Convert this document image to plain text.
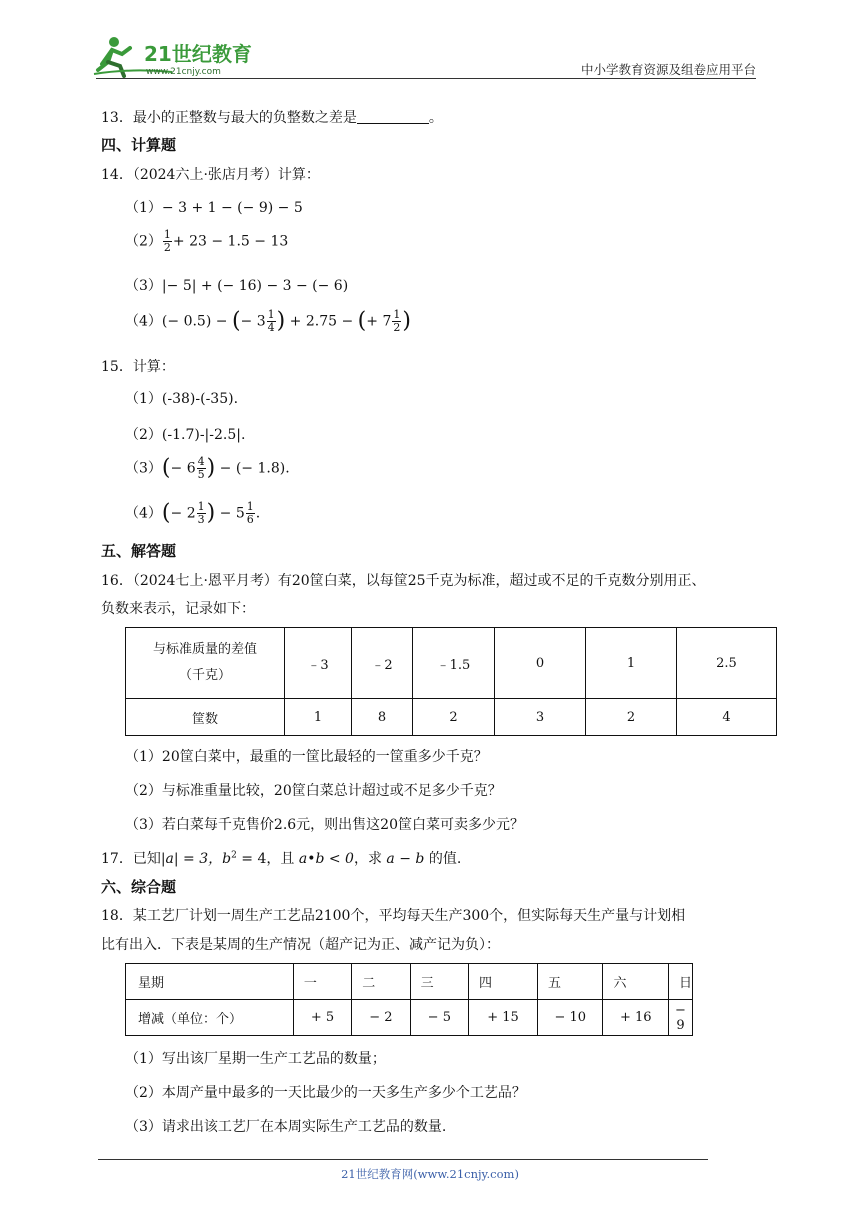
21世纪教育
www.21cnjy.com	中小学教育资源及组卷应用平台
13．最小的正整数与最大的负整数之差是	。
四、计算题
14．（2024六上·张店月考）计算：
（1）− 3 + 1 − (− 9) − 5
$(2) \frac{1}{2} + 23 - 1.5 - 13$
（3）|− 5| + (− 16) − 3 − (− 6)
（4）(− 0.5) − (− $3 \frac{1}{4}$ ) + 2.75 − (+ $7 \frac{1}{2}$ )
15．计算：
（1）(-38)-(-35).
（2）(-1.7)-|-2.5|.
$(3)(- 6 \frac{4}{5}$ ) − (− 1.8).
$(4)(- 2 \frac{1}{3}$ ) − $5 \frac{1}{6}$ .
五、解答题
16．（2024七上·恩平月考）有20筐白菜，以每筐25千克为标准，超过或不足的千克数分别用正、
负数来表示，记录如下：
与标准质量的差值
（千克）	﹣3	﹣2	﹣1.5	0	1	2.5
筐数	1	8	2	3	2	4
（1）20筐白菜中，最重的一筐比最轻的一筐重多少千克？
（2）与标准重量比较，20筐白菜总计超过或不足多少千克？
（3）若白菜每千克售价2.6元，则出售这20筐白菜可卖多少元？
17．已知|a| = 3，$b^2 = 4$，且 a•b < 0，求 a − b 的值.
六、综合题
18．某工艺厂计划一周生产工艺品2100个，平均每天生产300个，但实际每天生产量与计划相
比有出入．下表是某周的生产情况（超产记为正、减产记为负）：
星期	一	二	三	四	五	六	日
增减（单位：个）	+ 5	− 2	− 5	+ 15	− 10	+ 16	− 9
（1）写出该厂星期一生产工艺品的数量；
（2）本周产量中最多的一天比最少的一天多生产多少个工艺品？
（3）请求出该工艺厂在本周实际生产工艺品的数量.
21世纪教育网(www.21cnjy.com)
